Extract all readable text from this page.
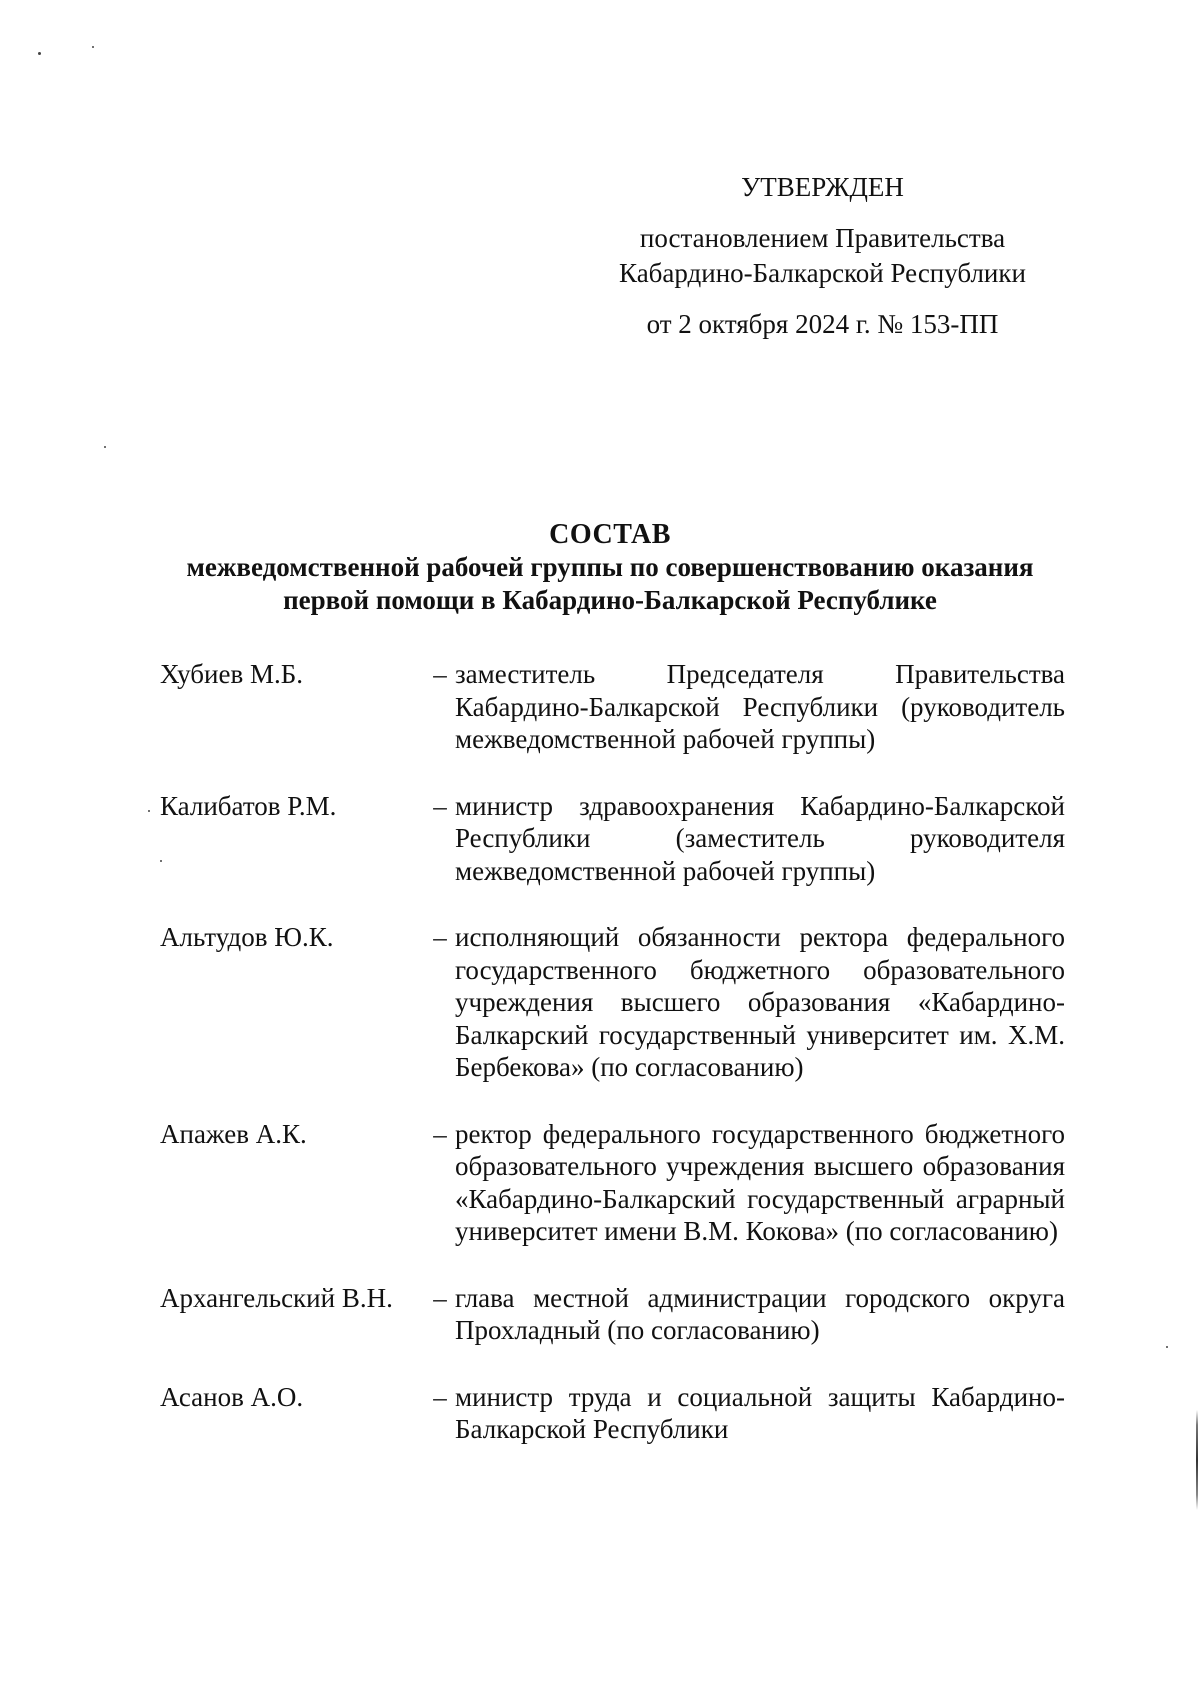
УТВЕРЖДЕН
постановлением Правительства
Кабардино-Балкарской Республики
от 2 октября 2024 г. № 153-ПП
СОСТАВ
межведомственной рабочей группы по совершенствованию оказания
первой помощи в Кабардино-Балкарской Республике
Хубиев М.Б.	– заместитель Председателя Правительства Кабардино-Балкарской Республики (руководитель межведомственной рабочей группы)
Калибатов Р.М.	– министр здравоохранения Кабардино-Балкарской Республики (заместитель руководителя межведомственной рабочей группы)
Альтудов Ю.К.	– исполняющий обязанности ректора федерального государственного бюджетного образовательного учреждения высшего образования «Кабардино-Балкарский государственный университет им. Х.М. Бербекова» (по согласованию)
Апажев А.К.	– ректор федерального государственного бюджетного образовательного учреждения высшего образования «Кабардино-Балкарский государственный аграрный университет имени В.М. Кокова» (по согласованию)
Архангельский В.Н.	– глава местной администрации городского округа Прохладный (по согласованию)
Асанов А.О.	– министр труда и социальной защиты Кабардино-Балкарской Республики
